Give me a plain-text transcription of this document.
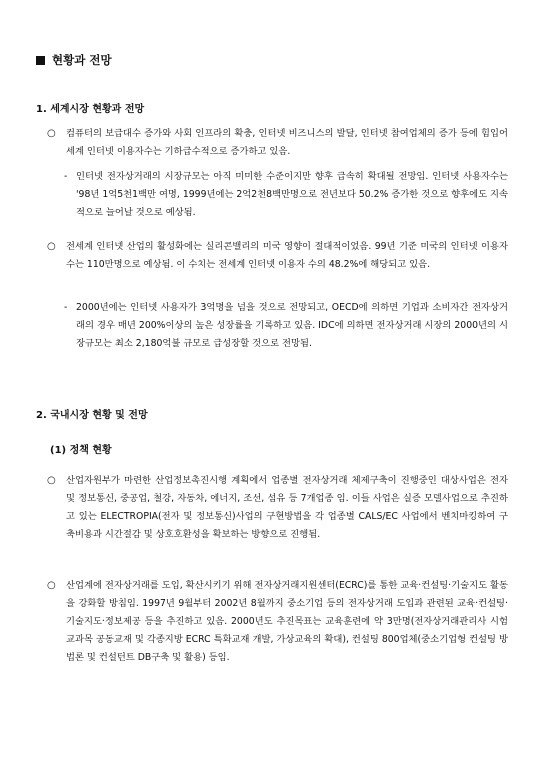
현황과 전망
1. 세계시장 현황과 전망
○ 컴퓨터의 보급대수 증가와 사회 인프라의 확충, 인터넷 비즈니스의 발달, 인터넷 참여업체의 증가 등에 힘입어 세계 인터넷 이용자수는 기하급수적으로 증가하고 있음.
- 인터넷 전자상거래의 시장규모는 아직 미미한 수준이지만 향후 급속히 확대될 전망임. 인터넷 사용자수는 '98년 1억5천1백만 여명, 1999년에는 2억2천8백만명으로 전년보다 50.2% 증가한 것으로 향후에도 지속적으로 늘어날 것으로 예상됨.
○ 전세계 인터넷 산업의 활성화에는 실리콘밸리의 미국 영향이 절대적이었음. 99년 기준 미국의 인터넷 이용자 수는 110만명으로 예상됨. 이 수치는 전세계 인터넷 이용자 수의 48.2%에 해당되고 있음.
- 2000년에는 인터넷 사용자가 3억명을 넘을 것으로 전망되고, OECD에 의하면 기업과 소비자간 전자상거래의 경우 매년 200%이상의 높은 성장률을 기록하고 있음. IDC에 의하면 전자상거래 시장의 2000년의 시장규모는 최소 2,180억불 규모로 급성장할 것으로 전망됨.
2. 국내시장 현황 및 전망
(1) 정책 현황
○ 산업자원부가 마련한 산업정보촉진시행 계획에서 업종별 전자상거래 체제구축이 진행중인 대상사업은 전자 및 정보통신, 중공업, 철강, 자동차, 에너지, 조선, 섬유 등 7개업종 임. 이들 사업은 실증 모델사업으로 추진하고 있는 ELECTROPIA(전자 및 정보통신)사업의 구현방법을 각 업종별 CALS/EC 사업에서 벤치마킹하여 구축비용과 시간절감 및 상호호환성을 확보하는 방향으로 진행됨.
○ 산업계에 전자상거래를 도입, 확산시키기 위해 전자상거래지원센터(ECRC)를 통한 교육·컨설팅·기술지도 활동을 강화할 방침임. 1997년 9월부터 2002년 8월까지 중소기업 등의 전자상거래 도입과 관련된 교육·컨설팅·기술지도·정보제공 등을 추진하고 있음. 2000년도 추진목표는 교육훈련에 약 3만명(전자상거래관리사 시험교과목 공동교재 및 각종지방 ECRC 특화교재 개발, 가상교육의 확대), 컨설팅 800업체(중소기업형 컨설팅 방법론 및 컨설턴트 DB구축 및 활용) 등임.
